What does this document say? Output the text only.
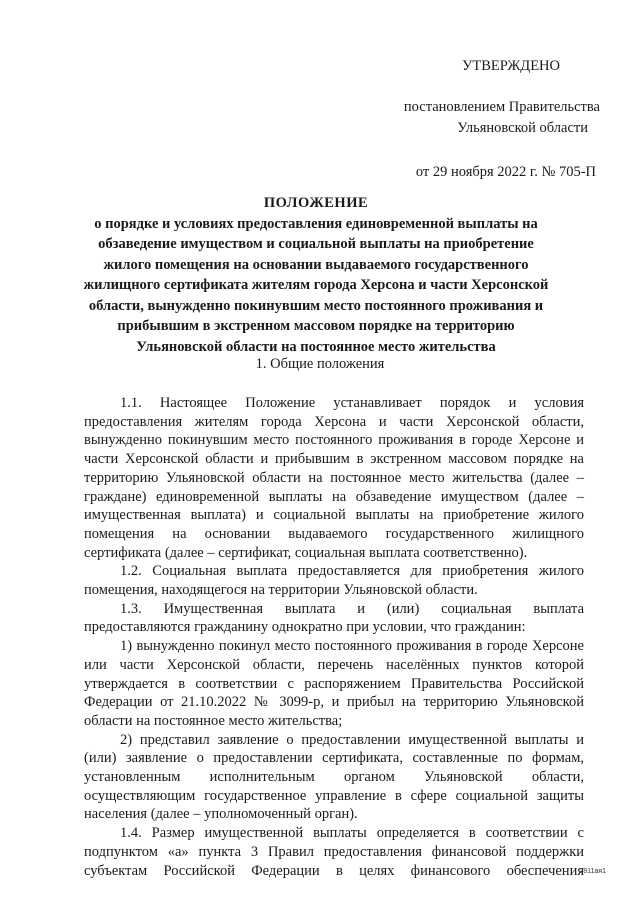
УТВЕРЖДЕНО
постановлением Правительства
Ульяновской области
от 29 ноября 2022 г. № 705-П
ПОЛОЖЕНИЕ
о порядке и условиях предоставления единовременной выплаты на обзаведение имуществом и социальной выплаты на приобретение жилого помещения на основании выдаваемого государственного жилищного сертификата жителям города Херсона и части Херсонской области, вынужденно покинувшим место постоянного проживания и прибывшим в экстренном массовом порядке на территорию Ульяновской области на постоянное место жительства
1. Общие положения

1.1. Настоящее Положение устанавливает порядок и условия предоставления жителям города Херсона и части Херсонской области, вынужденно покинувшим место постоянного проживания в городе Херсоне и части Херсонской области и прибывшим в экстренном массовом порядке на территорию Ульяновской области на постоянное место жительства (далее – граждане) единовременной выплаты на обзаведение имуществом (далее – имущественная выплата) и социальной выплаты на приобретение жилого помещения на основании выдаваемого государственного жилищного сертификата (далее – сертификат, социальная выплата соответственно).

1.2. Социальная выплата предоставляется для приобретения жилого помещения, находящегося на территории Ульяновской области.

1.3. Имущественная выплата и (или) социальная выплата предоставляются гражданину однократно при условии, что гражданин:

1) вынужденно покинул место постоянного проживания в городе Херсоне или части Херсонской области, перечень населённых пунктов которой утверждается в соответствии с распоряжением Правительства Российской Федерации от 21.10.2022 № 3099-р, и прибыл на территорию Ульяновской области на постоянное место жительства;

2) представил заявление о предоставлении имущественной выплаты и (или) заявление о предоставлении сертификата, составленные по формам, установленным исполнительным органом Ульяновской области, осуществляющим государственное управление в сфере социальной защиты населения (далее – уполномоченный орган).

1.4. Размер имущественной выплаты определяется в соответствии с подпунктом «а» пункта 3 Правил предоставления финансовой поддержки субъектам Российской Федерации в целях финансового обеспечения

2811ая1
